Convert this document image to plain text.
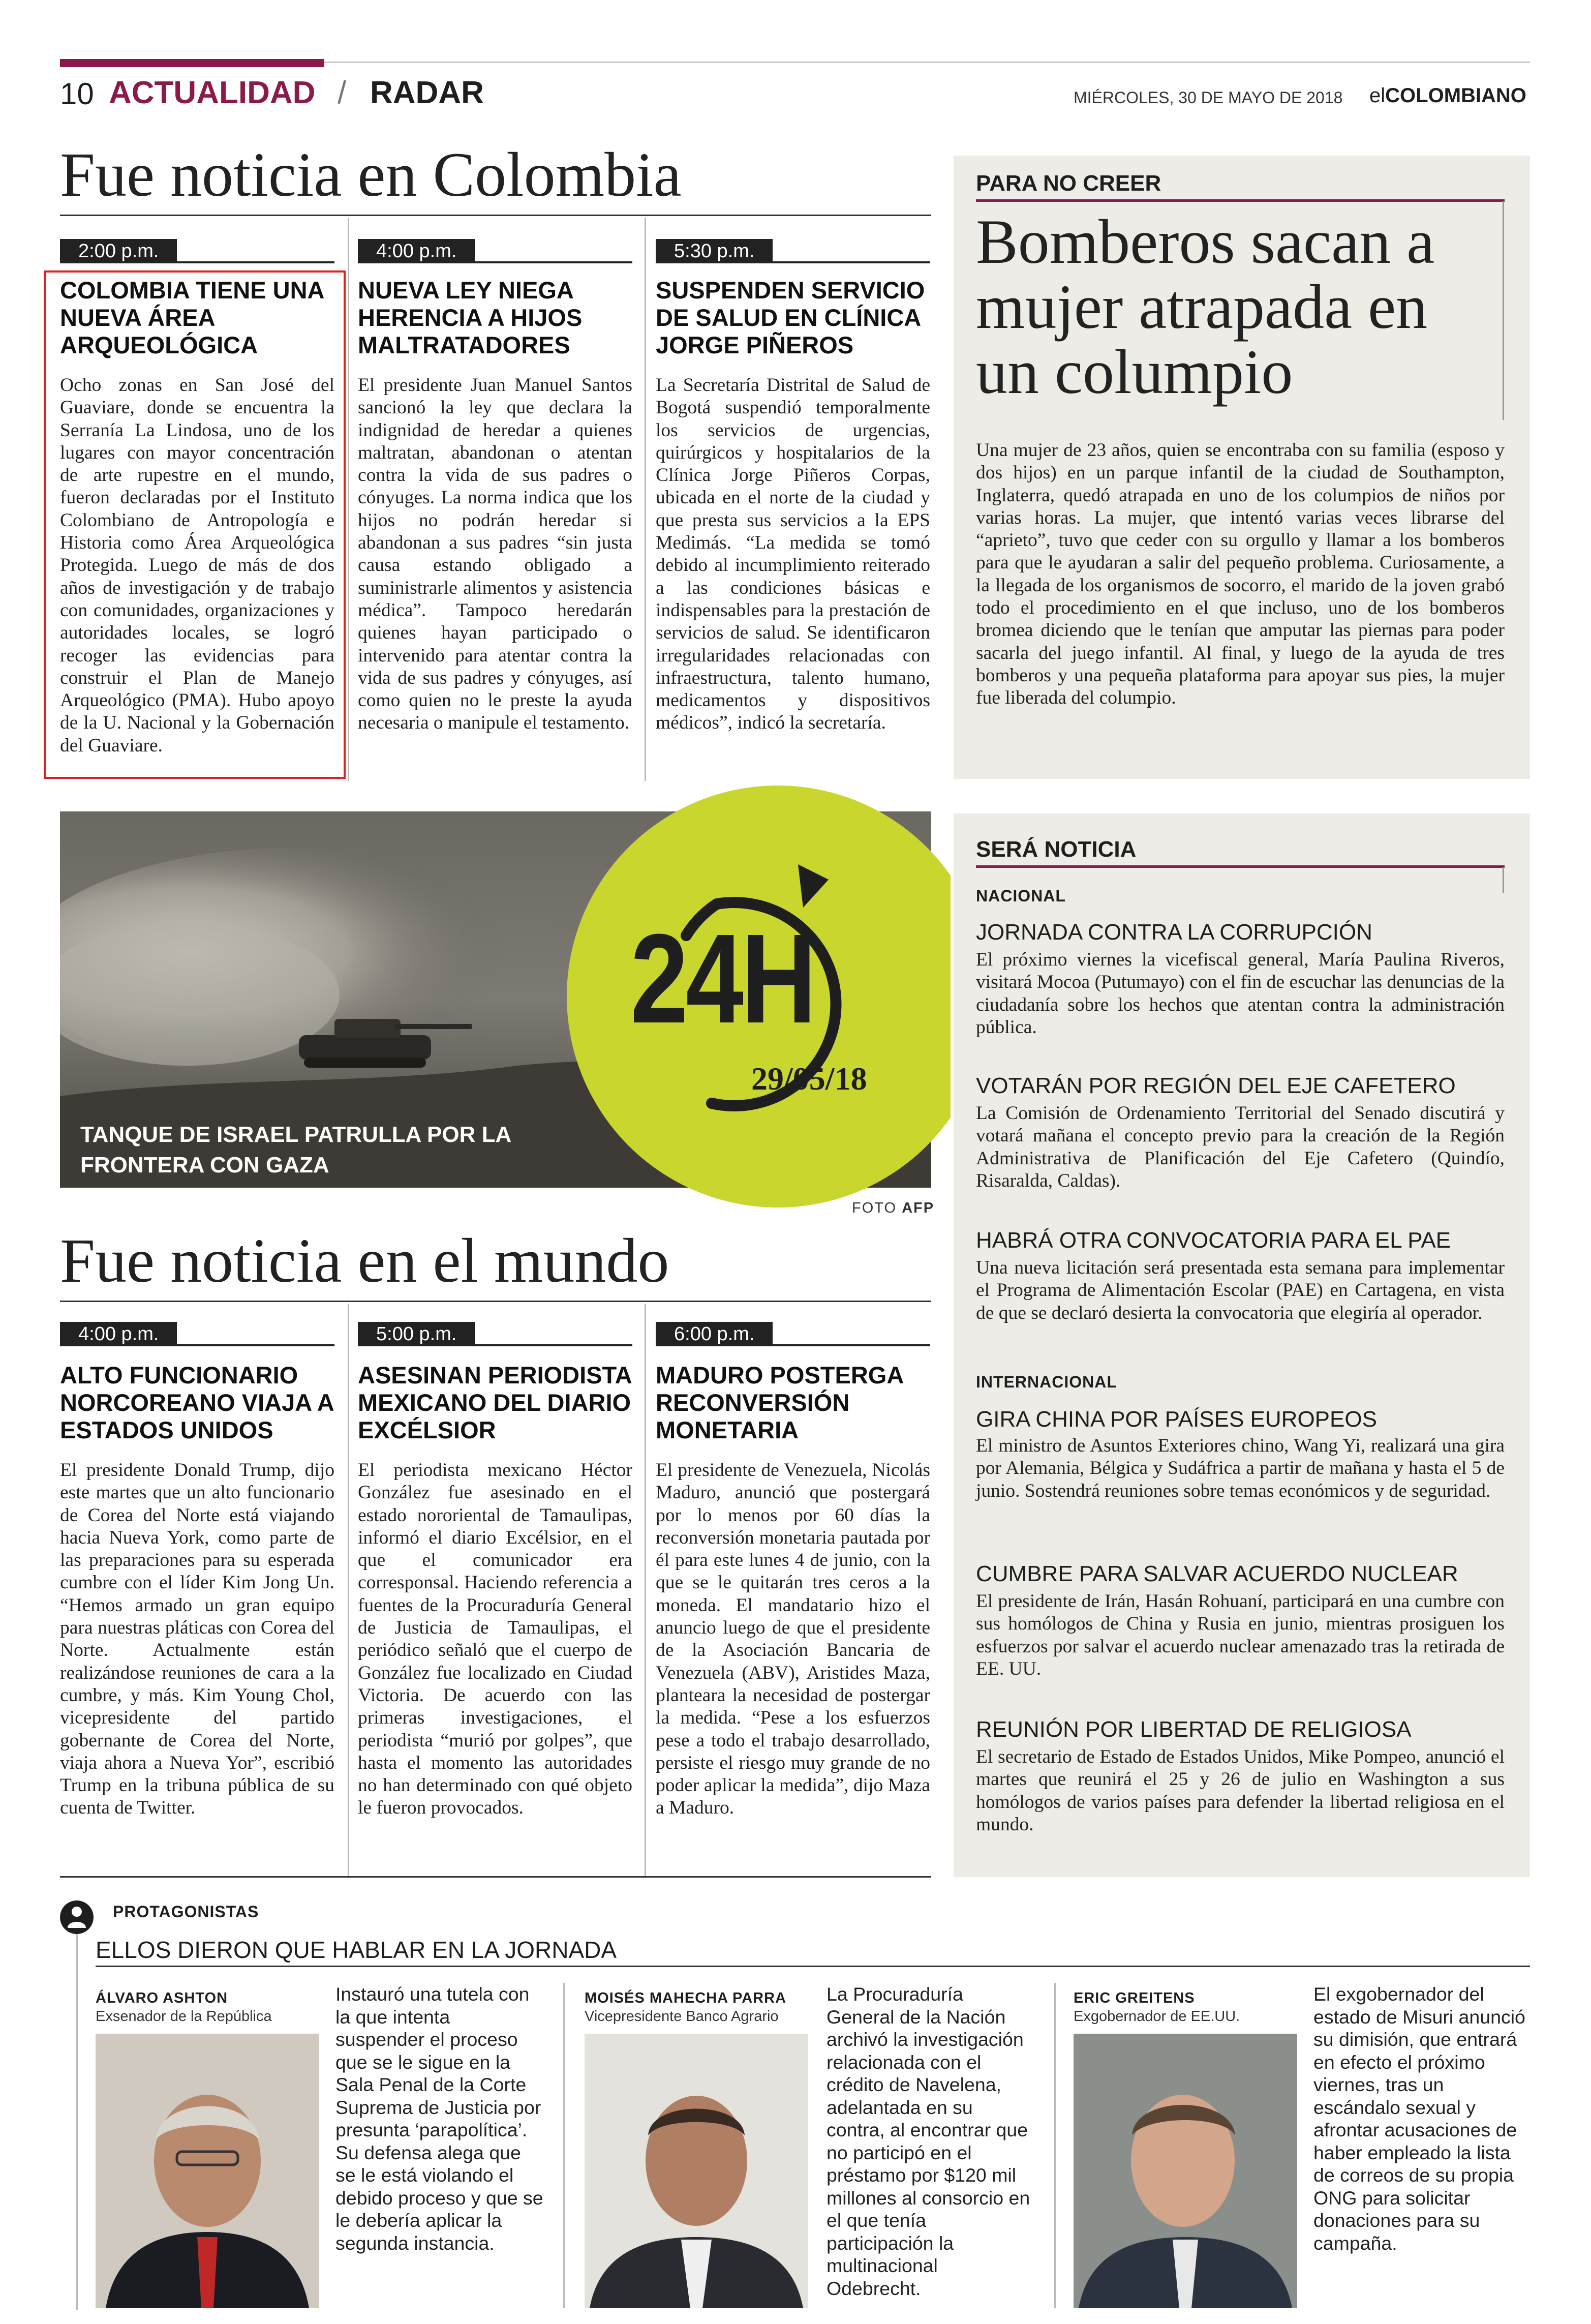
10 ACTUALIDAD / RADAR	MIÉRCOLES, 30 DE MAYO DE 2018 elCOLOMBIANO
Fue noticia en Colombia
2:00 p.m.
COLOMBIA TIENE UNA NUEVA ÁREA ARQUEOLÓGICA
Ocho zonas en San José del Guaviare, donde se encuentra la Serranía La Lindosa, uno de los lugares con mayor concentración de arte rupestre en el mundo, fueron declaradas por el Instituto Colombiano de Antropología e Historia como Área Arqueológica Protegida. Luego de más de dos años de investigación y de trabajo con comunidades, organizaciones y autoridades locales, se logró recoger las evidencias para construir el Plan de Manejo Arqueológico (PMA). Hubo apoyo de la U. Nacional y la Gobernación del Guaviare.
4:00 p.m.
NUEVA LEY NIEGA HERENCIA A HIJOS MALTRATADORES
El presidente Juan Manuel Santos sancionó la ley que declara la indignidad de heredar a quienes maltratan, abandonan o atentan contra la vida de sus padres o cónyuges. La norma indica que los hijos no podrán heredar si abandonan a sus padres “sin justa causa estando obligado a suministrarle alimentos y asistencia médica”. Tampoco heredarán quienes hayan participado o intervenido para atentar contra la vida de sus padres y cónyuges, así como quien no le preste la ayuda necesaria o manipule el testamento.
5:30 p.m.
SUSPENDEN SERVICIO DE SALUD EN CLÍNICA JORGE PIÑEROS
La Secretaría Distrital de Salud de Bogotá suspendió temporalmente los servicios de urgencias, quirúrgicos y hospitalarios de la Clínica Jorge Piñeros Corpas, ubicada en el norte de la ciudad y que presta sus servicios a la EPS Medimás. “La medida se tomó debido al incumplimiento reiterado a las condiciones básicas e indispensables para la prestación de servicios de salud. Se identificaron irregularidades relacionadas con infraestructura, talento humano, medicamentos y dispositivos médicos”, indicó la secretaría.
PARA NO CREER
Bomberos sacan a mujer atrapada en un columpio
Una mujer de 23 años, quien se encontraba con su familia (esposo y dos hijos) en un parque infantil de la ciudad de Southampton, Inglaterra, quedó atrapada en uno de los columpios de niños por varias horas. La mujer, que intentó varias veces librarse del “aprieto”, tuvo que ceder con su orgullo y llamar a los bomberos para que le ayudaran a salir del pequeño problema. Curiosamente, a la llegada de los organismos de socorro, el marido de la joven grabó todo el procedimiento en el que incluso, uno de los bomberos bromea diciendo que le tenían que amputar las piernas para poder sacarla del juego infantil. Al final, y luego de la ayuda de tres bomberos y una pequeña plataforma para apoyar sus pies, la mujer fue liberada del columpio.
24H
29/05/18
TANQUE DE ISRAEL PATRULLA POR LA FRONTERA CON GAZA
FOTO AFP
Fue noticia en el mundo
4:00 p.m.
ALTO FUNCIONARIO NORCOREANO VIAJA A ESTADOS UNIDOS
El presidente Donald Trump, dijo este martes que un alto funcionario de Corea del Norte está viajando hacia Nueva York, como parte de las preparaciones para su esperada cumbre con el líder Kim Jong Un. “Hemos armado un gran equipo para nuestras pláticas con Corea del Norte. Actualmente están realizándose reuniones de cara a la cumbre, y más. Kim Young Chol, vicepresidente del partido gobernante de Corea del Norte, viaja ahora a Nueva Yor”, escribió Trump en la tribuna pública de su cuenta de Twitter.
5:00 p.m.
ASESINAN PERIODISTA MEXICANO DEL DIARIO EXCÉLSIOR
El periodista mexicano Héctor González fue asesinado en el estado nororiental de Tamaulipas, informó el diario Excélsior, en el que el comunicador era corresponsal. Haciendo referencia a fuentes de la Procuraduría General de Justicia de Tamaulipas, el periódico señaló que el cuerpo de González fue localizado en Ciudad Victoria. De acuerdo con las primeras investigaciones, el periodista “murió por golpes”, que hasta el momento las autoridades no han determinado con qué objeto le fueron provocados.
6:00 p.m.
MADURO POSTERGA RECONVERSIÓN MONETARIA
El presidente de Venezuela, Nicolás Maduro, anunció que postergará por lo menos por 60 días la reconversión monetaria pautada por él para este lunes 4 de junio, con la que se le quitarán tres ceros a la moneda. El mandatario hizo el anuncio luego de que el presidente de la Asociación Bancaria de Venezuela (ABV), Aristides Maza, planteara la necesidad de postergar la medida. “Pese a los esfuerzos pese a todo el trabajo desarrollado, persiste el riesgo muy grande de no poder aplicar la medida”, dijo Maza a Maduro.
SERÁ NOTICIA
NACIONAL
JORNADA CONTRA LA CORRUPCIÓN
El próximo viernes la vicefiscal general, María Paulina Riveros, visitará Mocoa (Putumayo) con el fin de escuchar las denuncias de la ciudadanía sobre los hechos que atentan contra la administración pública.
VOTARÁN POR REGIÓN DEL EJE CAFETERO
La Comisión de Ordenamiento Territorial del Senado discutirá y votará mañana el concepto previo para la creación de la Región Administrativa de Planificación del Eje Cafetero (Quindío, Risaralda, Caldas).
HABRÁ OTRA CONVOCATORIA PARA EL PAE
Una nueva licitación será presentada esta semana para implementar el Programa de Alimentación Escolar (PAE) en Cartagena, en vista de que se declaró desierta la convocatoria que elegiría al operador.
INTERNACIONAL
GIRA CHINA POR PAÍSES EUROPEOS
El ministro de Asuntos Exteriores chino, Wang Yi, realizará una gira por Alemania, Bélgica y Sudáfrica a partir de mañana y hasta el 5 de junio. Sostendrá reuniones sobre temas económicos y de seguridad.
CUMBRE PARA SALVAR ACUERDO NUCLEAR
El presidente de Irán, Hasán Rohuaní, participará en una cumbre con sus homólogos de China y Rusia en junio, mientras prosiguen los esfuerzos por salvar el acuerdo nuclear amenazado tras la retirada de EE. UU.
REUNIÓN POR LIBERTAD DE RELIGIOSA
El secretario de Estado de Estados Unidos, Mike Pompeo, anunció el martes que reunirá el 25 y 26 de julio en Washington a sus homólogos de varios países para defender la libertad religiosa en el mundo.
PROTAGONISTAS
ELLOS DIERON QUE HABLAR EN LA JORNADA
ÁLVARO ASHTON
Exsenador de la República
Instauró una tutela con la que intenta suspender el proceso que se le sigue en la Sala Penal de la Corte Suprema de Justicia por presunta ‘parapolítica’. Su defensa alega que se le está violando el debido proceso y que se le debería aplicar la segunda instancia.
MOISÉS MAHECHA PARRA
Vicepresidente Banco Agrario
La Procuraduría General de la Nación archivó la investigación relacionada con el crédito de Navelena, adelantada en su contra, al encontrar que no participó en el préstamo por $120 mil millones al consorcio en el que tenía participación la multinacional Odebrecht.
ERIC GREITENS
Exgobernador de EE.UU.
El exgobernador del estado de Misuri anunció su dimisión, que entrará en efecto el próximo viernes, tras un escándalo sexual y afrontar acusaciones de haber empleado la lista de correos de su propia ONG para solicitar donaciones para su campaña.
